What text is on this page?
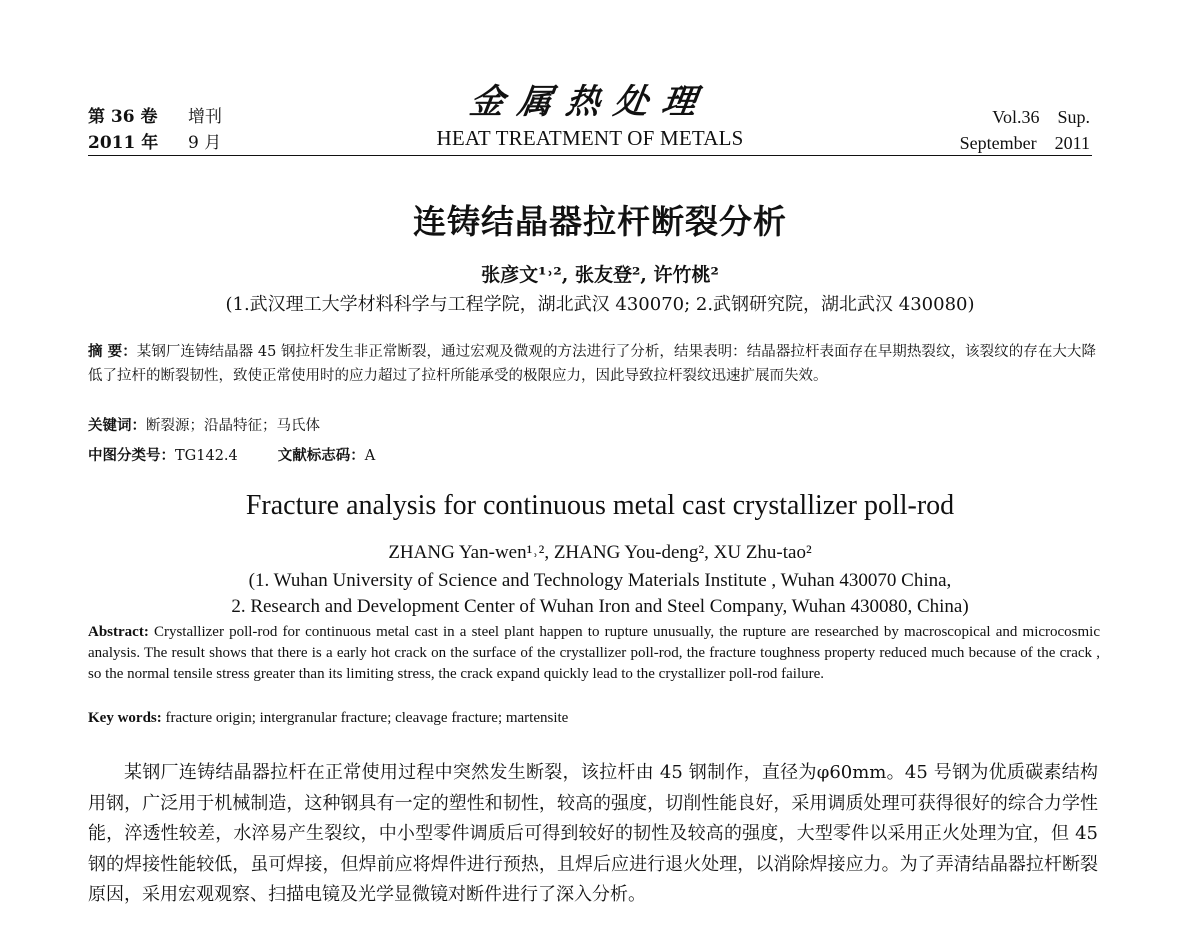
第 36 卷	增刊
2011 年	9 月
金属热处理
HEAT TREATMENT OF METALS
Vol.36 Sup.
September 2011
连铸结晶器拉杆断裂分析
张彦文¹˒², 张友登², 许竹桃²
(1.武汉理工大学材料科学与工程学院，湖北武汉 430070; 2.武钢研究院，湖北武汉 430080)
摘 要：某钢厂连铸结晶器 45 钢拉杆发生非正常断裂，通过宏观及微观的方法进行了分析，结果表明：结晶器拉杆表面存在早期热裂纹，该裂纹的存在大大降低了拉杆的断裂韧性，致使正常使用时的应力超过了拉杆所能承受的极限应力，因此导致拉杆裂纹迅速扩展而失效。
关键词：断裂源；沿晶特征；马氏体
中图分类号：TG142.4	文献标志码：A
Fracture analysis for continuous metal cast crystallizer poll-rod
ZHANG Yan-wen¹˒², ZHANG You-deng², XU Zhu-tao²
(1. Wuhan University of Science and Technology Materials Institute , Wuhan 430070 China,
2. Research and Development Center of Wuhan Iron and Steel Company, Wuhan 430080, China)
Abstract: Crystallizer poll-rod for continuous metal cast in a steel plant happen to rupture unusually, the rupture are researched by macroscopical and microcosmic analysis. The result shows that there is a early hot crack on the surface of the crystallizer poll-rod, the fracture toughness property reduced much because of the crack , so the normal tensile stress greater than its limiting stress, the crack expand quickly lead to the crystallizer poll-rod failure.
Key words: fracture origin; intergranular fracture; cleavage fracture; martensite
某钢厂连铸结晶器拉杆在正常使用过程中突然发生断裂，该拉杆由 45 钢制作，直径为φ60mm。45 号钢为优质碳素结构用钢，广泛用于机械制造，这种钢具有一定的塑性和韧性，较高的强度，切削性能良好，采用调质处理可获得很好的综合力学性能，淬透性较差，水淬易产生裂纹，中小型零件调质后可得到较好的韧性及较高的强度，大型零件以采用正火处理为宜，但 45 钢的焊接性能较低，虽可焊接，但焊前应将焊件进行预热，且焊后应进行退火处理，以消除焊接应力。为了弄清结晶器拉杆断裂原因，采用宏观观察、扫描电镜及光学显微镜对断件进行了深入分析。
